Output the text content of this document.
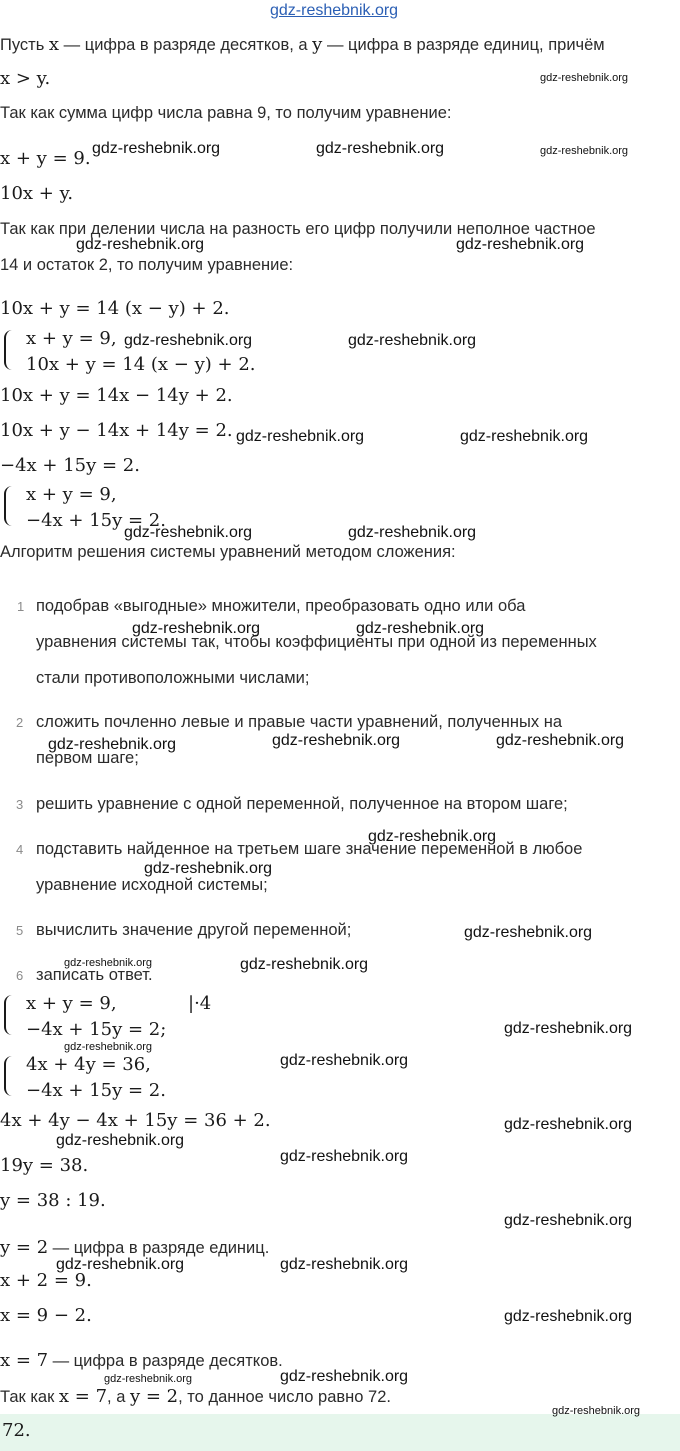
gdz-reshebnik.org
Пусть x — цифра в разряде десятков, а y — цифра в разряде единиц, причём
x > y.
Так как сумма цифр числа равна 9, то получим уравнение:
x + y = 9.
10x + y.
Так как при делении числа на разность его цифр получили неполное частное
14 и остаток 2, то получим уравнение:
10x + y = 14 (x − y) + 2.
x + y = 9,
10x + y = 14 (x − y) + 2.
10x + y = 14x − 14y + 2.
10x + y − 14x + 14y = 2.
−4x + 15y = 2.
x + y = 9,
−4x + 15y = 2.
Алгоритм решения системы уравнений методом сложения:
1 подобрав «выгодные» множители, преобразовать одно или оба
уравнения системы так, чтобы коэффициенты при одной из переменных
стали противоположными числами;
2 сложить почленно левые и правые части уравнений, полученных на
первом шаге;
3 решить уравнение с одной переменной, полученное на втором шаге;
4 подставить найденное на третьем шаге значение переменной в любое
уравнение исходной системы;
5 вычислить значение другой переменной;
6 записать ответ.
x + y = 9,	|·4
−4x + 15y = 2;
4x + 4y = 36,
−4x + 15y = 2.
4x + 4y − 4x + 15y = 36 + 2.
19y = 38.
y = 38 : 19.
y = 2 — цифра в разряде единиц.
x + 2 = 9.
x = 9 − 2.
x = 7 — цифра в разряде десятков.
Так как x = 7, а y = 2, то данное число равно 72.
72.
gdz-reshebnik.org
gdz-reshebnik.org	gdz-reshebnik.org	gdz-reshebnik.org
gdz-reshebnik.org	gdz-reshebnik.org
gdz-reshebnik.org	gdz-reshebnik.org
gdz-reshebnik.org	gdz-reshebnik.org
gdz-reshebnik.org	gdz-reshebnik.org
gdz-reshebnik.org	gdz-reshebnik.org
gdz-reshebnik.org	gdz-reshebnik.org	gdz-reshebnik.org
gdz-reshebnik.org
gdz-reshebnik.org
gdz-reshebnik.org
gdz-reshebnik.org	gdz-reshebnik.org
gdz-reshebnik.org
gdz-reshebnik.org
gdz-reshebnik.org
gdz-reshebnik.org
gdz-reshebnik.org
gdz-reshebnik.org
gdz-reshebnik.org
gdz-reshebnik.org	gdz-reshebnik.org
gdz-reshebnik.org
gdz-reshebnik.org
gdz-reshebnik.org
gdz-reshebnik.org
